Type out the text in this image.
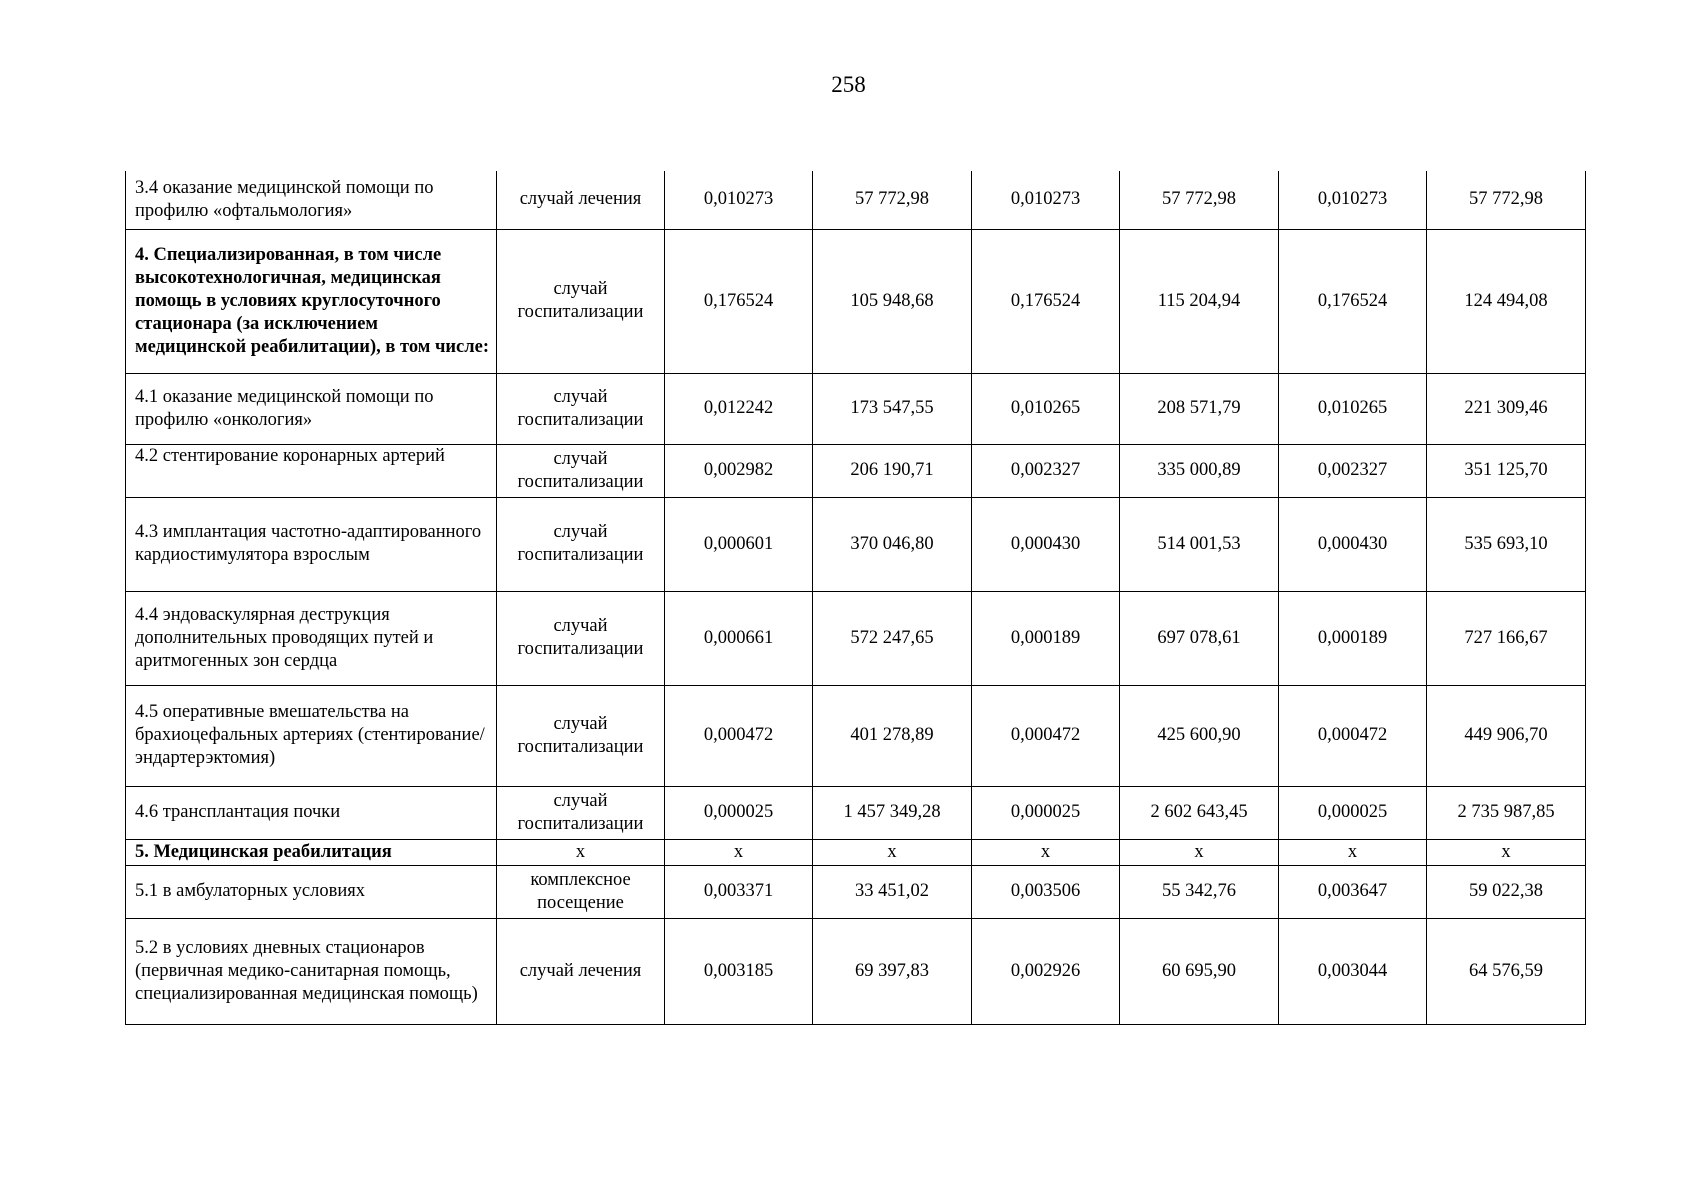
258
3.4 оказание медицинской помощи по профилю «офтальмология»	случай лечения	0,010273	57 772,98	0,010273	57 772,98	0,010273	57 772,98
4. Специализированная, в том числе высокотехнологичная, медицинская помощь в условиях круглосуточного стационара (за исключением медицинской реабилитации), в том числе:	случай госпитализации	0,176524	105 948,68	0,176524	115 204,94	0,176524	124 494,08
4.1 оказание медицинской помощи по профилю «онкология»	случай госпитализации	0,012242	173 547,55	0,010265	208 571,79	0,010265	221 309,46
4.2 стентирование коронарных артерий	случай госпитализации	0,002982	206 190,71	0,002327	335 000,89	0,002327	351 125,70
4.3 имплантация частотно-адаптированного кардиостимулятора взрослым	случай госпитализации	0,000601	370 046,80	0,000430	514 001,53	0,000430	535 693,10
4.4 эндоваскулярная деструкция дополнительных проводящих путей и аритмогенных зон сердца	случай госпитализации	0,000661	572 247,65	0,000189	697 078,61	0,000189	727 166,67
4.5 оперативные вмешательства на брахиоцефальных артериях (стентирование/эндартерэктомия)	случай госпитализации	0,000472	401 278,89	0,000472	425 600,90	0,000472	449 906,70
4.6 трансплантация почки	случай госпитализации	0,000025	1 457 349,28	0,000025	2 602 643,45	0,000025	2 735 987,85
5. Медицинская реабилитация	х	х	х	х	х	х	х
5.1 в амбулаторных условиях	комплексное посещение	0,003371	33 451,02	0,003506	55 342,76	0,003647	59 022,38
5.2 в условиях дневных стационаров (первичная медико-санитарная помощь, специализированная медицинская помощь)	случай лечения	0,003185	69 397,83	0,002926	60 695,90	0,003044	64 576,59
